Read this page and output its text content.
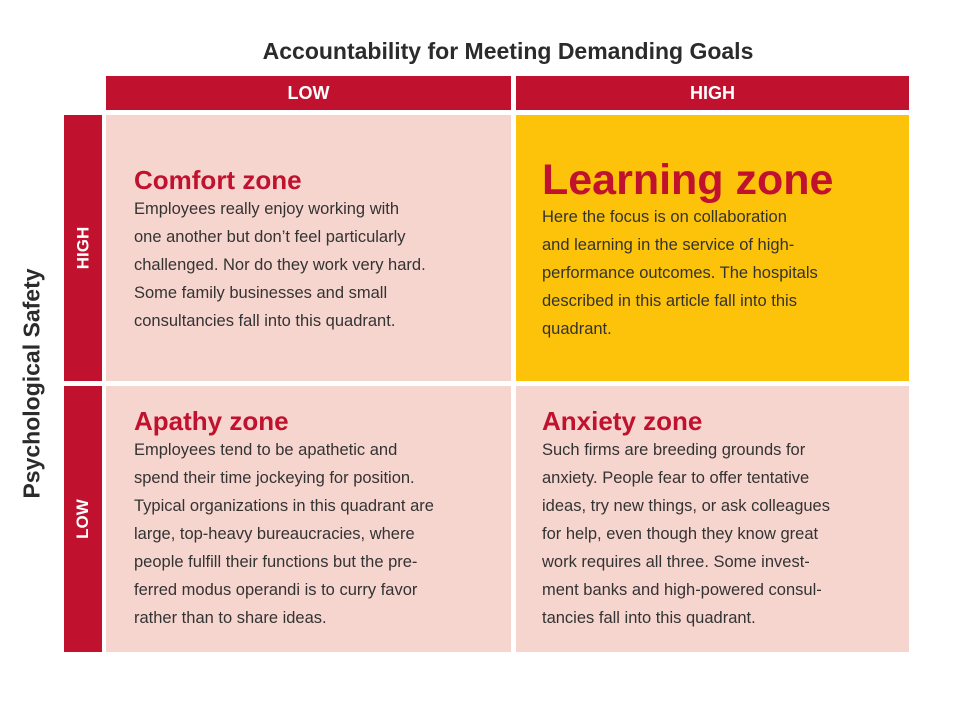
Accountability for Meeting Demanding Goals
LOW	HIGH
Psychological Safety
HIGH
LOW

Comfort zone

Employees really enjoy working with
one another but don’t feel particularly
challenged. Nor do they work very hard.
Some family businesses and small
consultancies fall into this quadrant.

Learning zone

Here the focus is on collaboration
and learning in the service of high-
performance outcomes. The hospitals
described in this article fall into this
quadrant.

Apathy zone

Employees tend to be apathetic and
spend their time jockeying for position.
Typical organizations in this quadrant are
large, top-heavy bureaucracies, where
people fulfill their functions but the pre-
ferred modus operandi is to curry favor
rather than to share ideas.

Anxiety zone

Such firms are breeding grounds for
anxiety. People fear to offer tentative
ideas, try new things, or ask colleagues
for help, even though they know great
work requires all three. Some invest-
ment banks and high-powered consul-
tancies fall into this quadrant.
